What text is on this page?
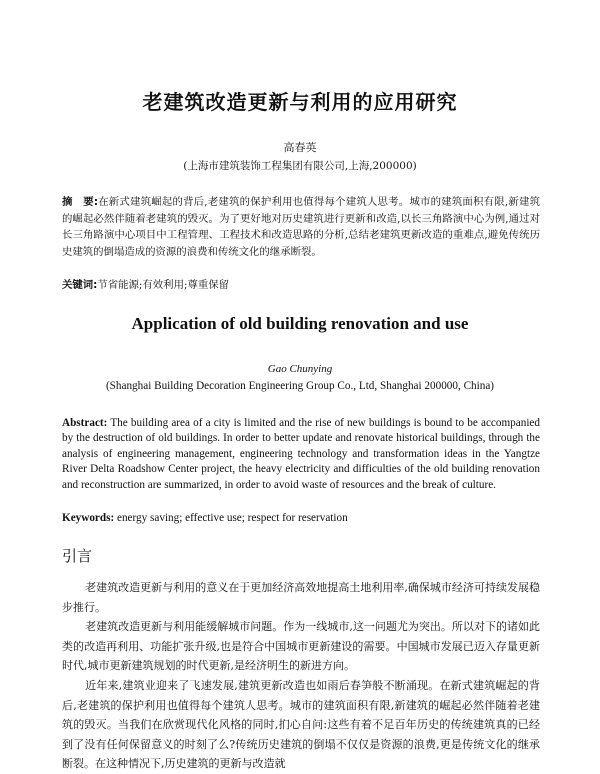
老建筑改造更新与利用的应用研究
高春英
(上海市建筑装饰工程集团有限公司,上海,200000)
摘　要:在新式建筑崛起的背后,老建筑的保护利用也值得每个建筑人思考。城市的建筑面积有限,新建筑的崛起必然伴随着老建筑的毁灭。为了更好地对历史建筑进行更新和改造,以长三角路演中心为例,通过对长三角路演中心项目中工程管理、工程技术和改造思路的分析,总结老建筑更新改造的重难点,避免传统历史建筑的倒塌造成的资源的浪费和传统文化的继承断裂。
关键词:节省能源;有效利用;尊重保留
Application of old building renovation and use
Gao Chunying
(Shanghai Building Decoration Engineering Group Co., Ltd, Shanghai 200000, China)
Abstract: The building area of a city is limited and the rise of new buildings is bound to be accompanied by the destruction of old buildings. In order to better update and renovate historical buildings, through the analysis of engineering management, engineering technology and transformation ideas in the Yangtze River Delta Roadshow Center project, the heavy electricity and difficulties of the old building renovation and reconstruction are summarized, in order to avoid waste of resources and the break of culture.
Keywords: energy saving; effective use; respect for reservation
引言

老建筑改造更新与利用的意义在于更加经济高效地提高土地利用率,确保城市经济可持续发展稳步推行。

老建筑改造更新与利用能缓解城市问题。作为一线城市,这一问题尤为突出。所以对下的诸如此类的改造再利用、功能扩张升级,也是符合中国城市更新建设的需要。中国城市发展已迈入存量更新时代,城市更新建筑规划的时代更新,是经济明生的新进方向。

近年来,建筑业迎来了飞速发展,建筑更新改造也如雨后春笋般不断涌现。在新式建筑崛起的背后,老建筑的保护利用也值得每个建筑人思考。城市的建筑面积有限,新建筑的崛起必然伴随着老建筑的毁灭。当我们在欣赏现代化风格的同时,扪心自问:这些有着不足百年历史的传统建筑真的已经到了没有任何保留意义的时刻了么?传统历史建筑的倒塌不仅仅是资源的浪费,更是传统文化的继承断裂。在这种情况下,历史建筑的更新与改造就
